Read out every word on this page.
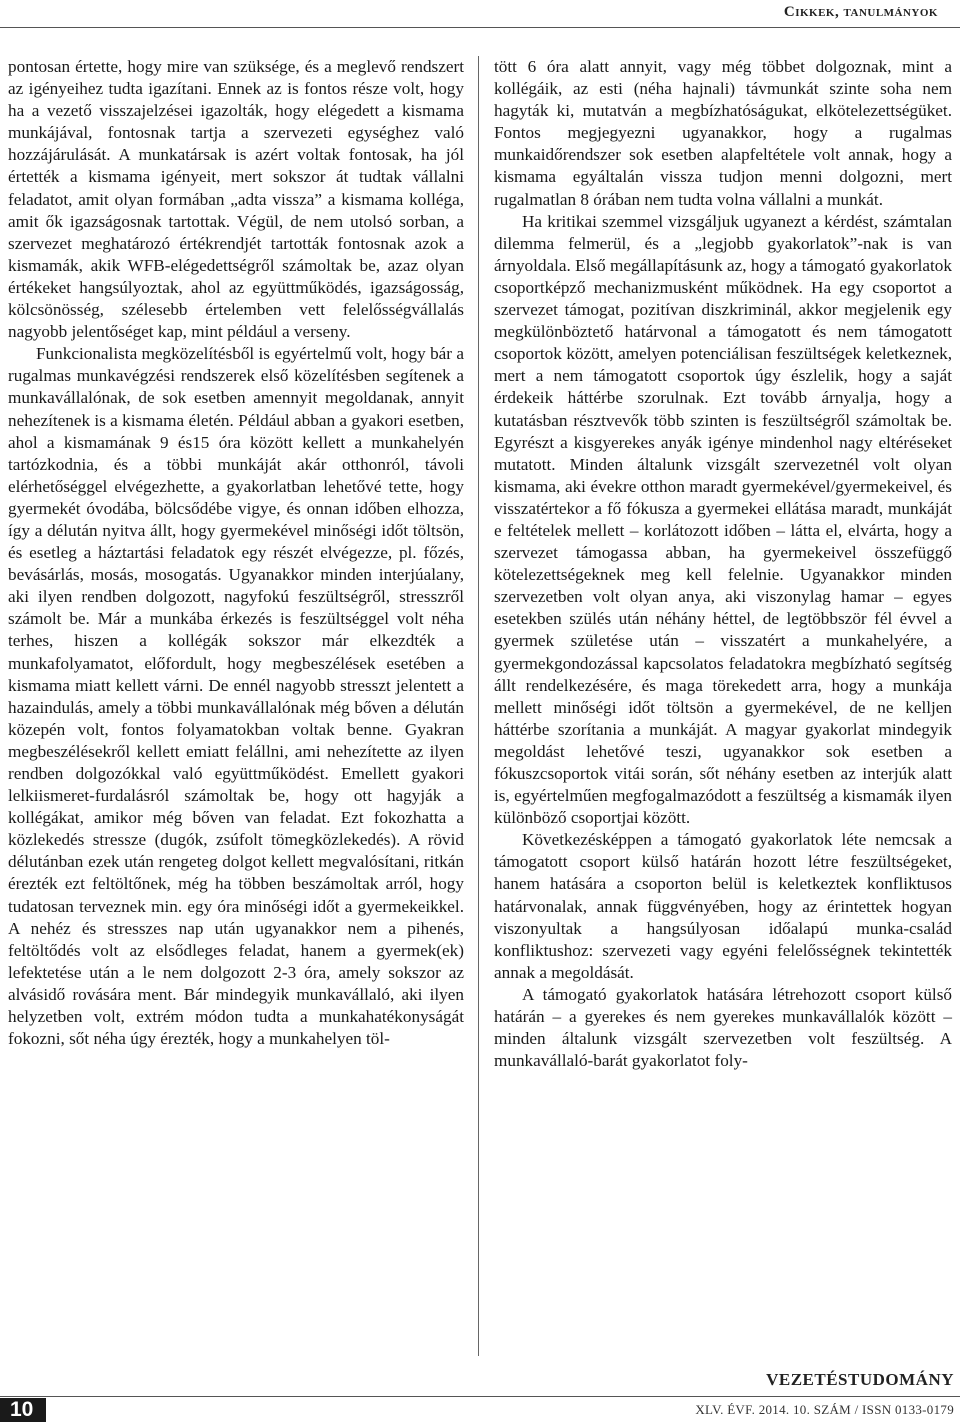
Cikkek, tanulmányok

pontosan értette, hogy mire van szüksége, és a meglevő rendszert az igényeihez tudta igazítani. Ennek az is fontos része volt, hogy ha a vezető visszajelzései igazolták, hogy elégedett a kismama munkájával, fontosnak tartja a szervezeti egységhez való hozzájárulását. A munkatársak is azért voltak fontosak, ha jól értették a kismama igényeit, mert sokszor át tudtak vállalni feladatot, amit olyan formában „adta vissza” a kismama kolléga, amit ők igazságosnak tartottak. Végül, de nem utolsó sorban, a szervezet meghatározó értékrendjét tartották fontosnak azok a kismamák, akik WFB-elégedettségről számoltak be, azaz olyan értékeket hangsúlyoztak, ahol az együttműködés, igazságosság, kölcsönösség, szélesebb értelemben vett felelősségvállalás nagyobb jelentőséget kap, mint például a verseny.

Funkcionalista megközelítésből is egyértelmű volt, hogy bár a rugalmas munkavégzési rendszerek első közelítésben segítenek a munkavállalónak, de sok esetben amennyit megoldanak, annyit nehezítenek is a kismama életén. Például abban a gyakori esetben, ahol a kismamának 9 és15 óra között kellett a munkahelyén tartózkodnia, és a többi munkáját akár otthonról, távoli elérhetőséggel elvégezhette, a gyakorlatban lehetővé tette, hogy gyermekét óvodába, bölcsődébe vigye, és onnan időben elhozza, így a délután nyitva állt, hogy gyermekével minőségi időt töltsön, és esetleg a háztartási feladatok egy részét elvégezze, pl. főzés, bevásárlás, mosás, mosogatás. Ugyanakkor minden interjúalany, aki ilyen rendben dolgozott, nagyfokú feszültségről, stresszről számolt be. Már a munkába érkezés is feszültséggel volt néha terhes, hiszen a kollégák sokszor már elkezdték a munkafolyamatot, előfordult, hogy megbeszélések esetében a kismama miatt kellett várni. De ennél nagyobb stresszt jelentett a hazaindulás, amely a többi munkavállalónak még bőven a délután közepén volt, fontos folyamatokban voltak benne. Gyakran megbeszélésekről kellett emiatt felállni, ami nehezítette az ilyen rendben dolgozókkal való együttműködést. Emellett gyakori lelkiismeret-furdalásról számoltak be, hogy ott hagyják a kollégákat, amikor még bőven van feladat. Ezt fokozhatta a közlekedés stressze (dugók, zsúfolt tömegközlekedés). A rövid délutánban ezek után rengeteg dolgot kellett megvalósítani, ritkán érezték ezt feltöltőnek, még ha többen beszámoltak arról, hogy tudatosan terveznek min. egy óra minőségi időt a gyermekeikkel. A nehéz és stresszes nap után ugyanakkor nem a pihenés, feltöltődés volt az elsődleges feladat, hanem a gyermek(ek) lefektetése után a le nem dolgozott 2-3 óra, amely sokszor az alvásidő rovására ment. Bár mindegyik munkavállaló, aki ilyen helyzetben volt, extrém módon tudta a munkahatékonyságát fokozni, sőt néha úgy érezték, hogy a munkahelyen töl-

tött 6 óra alatt annyit, vagy még többet dolgoznak, mint a kollégáik, az esti (néha hajnali) távmunkát szinte soha nem hagyták ki, mutatván a megbízhatóságukat, elkötelezettségüket. Fontos megjegyezni ugyanakkor, hogy a rugalmas munkaidőrendszer sok esetben alapfeltétele volt annak, hogy a kismama egyáltalán vissza tudjon menni dolgozni, mert rugalmatlan 8 órában nem tudta volna vállalni a munkát.

Ha kritikai szemmel vizsgáljuk ugyanezt a kérdést, számtalan dilemma felmerül, és a „legjobb gyakorlatok”-nak is van árnyoldala. Első megállapításunk az, hogy a támogató gyakorlatok csoportképző mechanizmusként működnek. Ha egy csoportot a szervezet támogat, pozitívan diszkriminál, akkor megjelenik egy megkülönböztető határvonal a támogatott és nem támogatott csoportok között, amelyen potenciálisan feszültségek keletkeznek, mert a nem támogatott csoportok úgy észlelik, hogy a saját érdekeik háttérbe szorulnak. Ezt tovább árnyalja, hogy a kutatásban résztvevők több szinten is feszültségről számoltak be. Egyrészt a kisgyerekes anyák igénye mindenhol nagy eltéréseket mutatott. Minden általunk vizsgált szervezetnél volt olyan kismama, aki évekre otthon maradt gyermekével/gyermekeivel, és visszatértekor a fő fókusza a gyermekei ellátása maradt, munkáját e feltételek mellett – korlátozott időben – látta el, elvárta, hogy a szervezet támogassa abban, ha gyermekeivel összefüggő kötelezettségeknek meg kell felelnie. Ugyanakkor minden szervezetben volt olyan anya, aki viszonylag hamar – egyes esetekben szülés után néhány héttel, de legtöbbször fél évvel a gyermek születése után – visszatért a munkahelyére, a gyermekgondozással kapcsolatos feladatokra megbízható segítség állt rendelkezésére, és maga törekedett arra, hogy a munkája mellett minőségi időt töltsön a gyermekével, de ne kelljen háttérbe szorítania a munkáját. A magyar gyakorlat mindegyik megoldást lehetővé teszi, ugyanakkor sok esetben a fókuszcsoportok vitái során, sőt néhány esetben az interjúk alatt is, egyértelműen megfogalmazódott a feszültség a kismamák ilyen különböző csoportjai között.

Következésképpen a támogató gyakorlatok léte nemcsak a támogatott csoport külső határán hozott létre feszültségeket, hanem hatására a csoporton belül is keletkeztek konfliktusos határvonalak, annak függvényében, hogy az érintettek hogyan viszonyultak a hangsúlyosan időalapú munka-család konfliktushoz: szervezeti vagy egyéni felelősségnek tekintették annak a megoldását.

A támogató gyakorlatok hatására létrehozott csoport külső határán – a gyerekes és nem gyerekes munkavállalók között – minden általunk vizsgált szervezetben volt feszültség. A munkavállaló-barát gyakorlatot foly-

10
VEZETÉSTUDOMÁNY
XLV. ÉVF. 2014. 10. SZÁM / ISSN 0133-0179
